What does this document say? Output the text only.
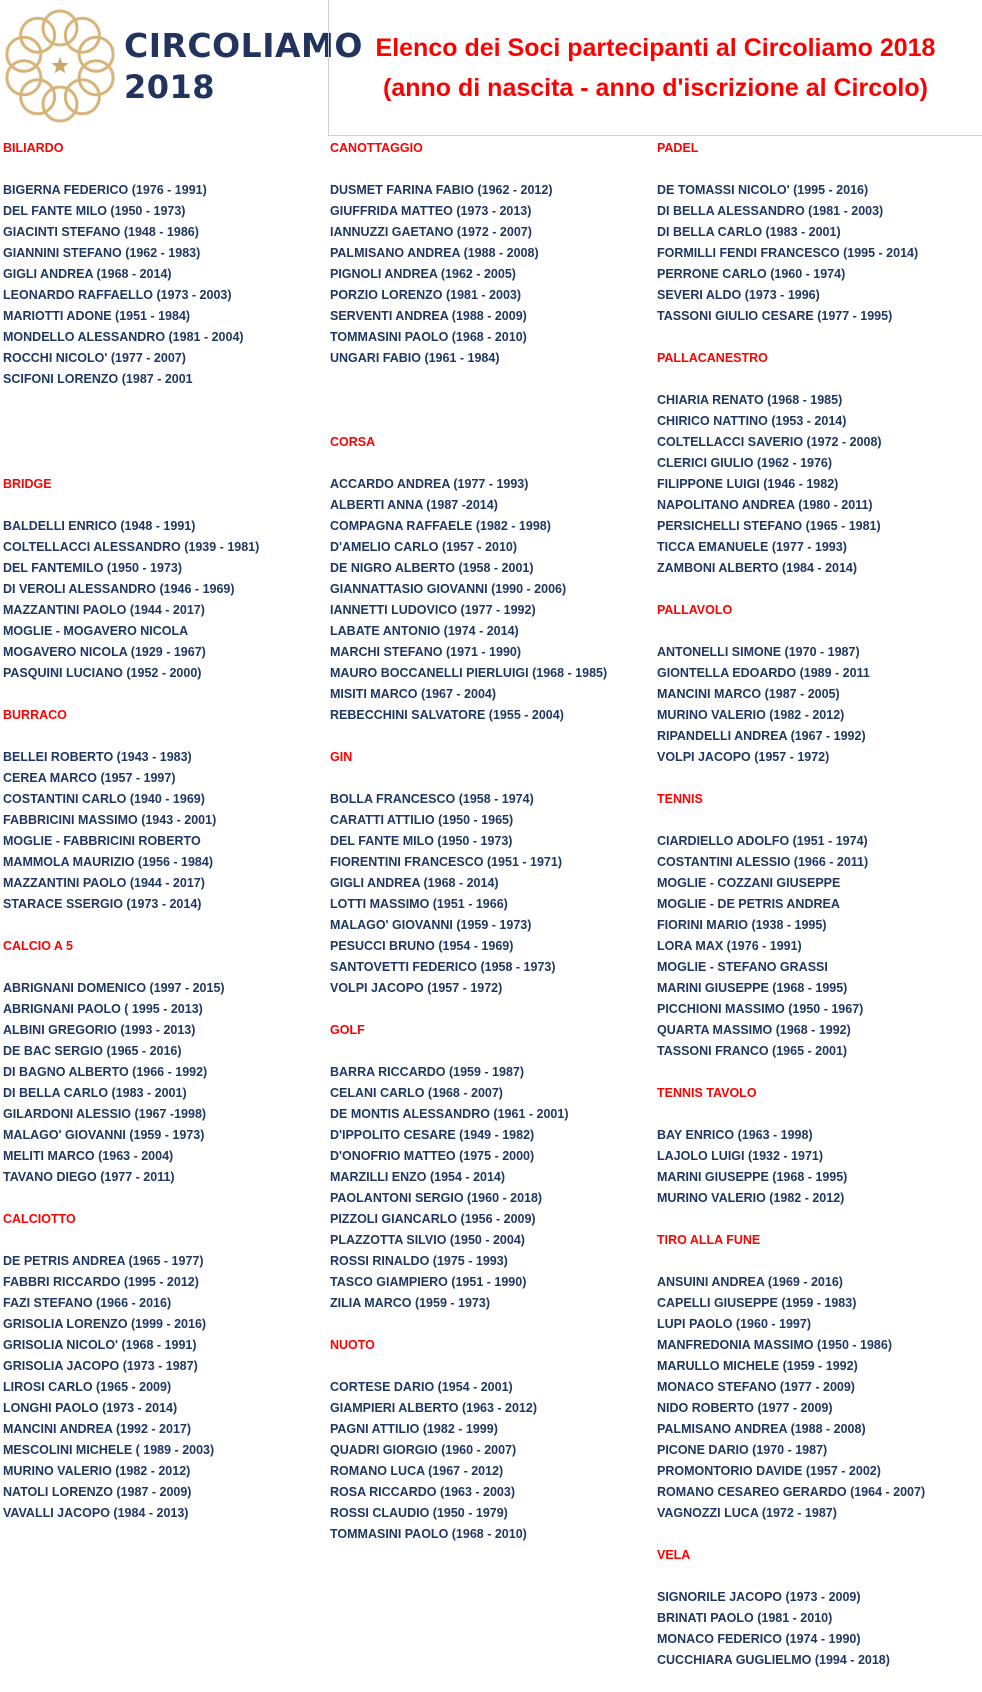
CIRCOLIAMO
2018
Elenco dei Soci partecipanti al Circoliamo 2018
(anno di nascita - anno d'iscrizione al Circolo)
BILIARDO
BIGERNA FEDERICO (1976 - 1991)
DEL FANTE MILO (1950 - 1973)
GIACINTI STEFANO (1948 - 1986)
GIANNINI STEFANO (1962 - 1983)
GIGLI ANDREA (1968 - 2014)
LEONARDO RAFFAELLO (1973 - 2003)
MARIOTTI ADONE (1951 - 1984)
MONDELLO ALESSANDRO (1981 - 2004)
ROCCHI NICOLO' (1977 - 2007)
SCIFONI LORENZO (1987 - 2001
BRIDGE
BALDELLI ENRICO (1948 - 1991)
COLTELLACCI ALESSANDRO (1939 - 1981)
DEL FANTEMILO (1950 - 1973)
DI VEROLI ALESSANDRO (1946 - 1969)
MAZZANTINI PAOLO (1944 - 2017)
MOGLIE - MOGAVERO NICOLA
MOGAVERO NICOLA (1929 - 1967)
PASQUINI LUCIANO (1952 - 2000)
BURRACO
BELLEI ROBERTO (1943 - 1983)
CEREA MARCO (1957 - 1997)
COSTANTINI CARLO (1940 - 1969)
FABBRICINI MASSIMO (1943 - 2001)
MOGLIE - FABBRICINI ROBERTO
MAMMOLA MAURIZIO (1956 - 1984)
MAZZANTINI PAOLO (1944 - 2017)
STARACE SSERGIO (1973 - 2014)
CALCIO A 5
ABRIGNANI DOMENICO (1997 - 2015)
ABRIGNANI PAOLO ( 1995 - 2013)
ALBINI GREGORIO (1993 - 2013)
DE BAC SERGIO (1965 - 2016)
DI BAGNO ALBERTO (1966 - 1992)
DI BELLA CARLO (1983 - 2001)
GILARDONI ALESSIO (1967 -1998)
MALAGO' GIOVANNI (1959 - 1973)
MELITI MARCO (1963 - 2004)
TAVANO DIEGO (1977 - 2011)
CALCIOTTO
DE PETRIS ANDREA (1965 - 1977)
FABBRI RICCARDO (1995 - 2012)
FAZI STEFANO (1966 - 2016)
GRISOLIA LORENZO (1999 - 2016)
GRISOLIA NICOLO' (1968 - 1991)
GRISOLIA JACOPO (1973 - 1987)
LIROSI CARLO (1965 - 2009)
LONGHI PAOLO (1973 - 2014)
MANCINI ANDREA (1992 - 2017)
MESCOLINI MICHELE ( 1989 - 2003)
MURINO VALERIO (1982 - 2012)
NATOLI LORENZO (1987 - 2009)
VAVALLI JACOPO (1984 - 2013)
CANOTTAGGIO
DUSMET FARINA FABIO (1962 - 2012)
GIUFFRIDA MATTEO (1973 - 2013)
IANNUZZI GAETANO (1972 - 2007)
PALMISANO ANDREA (1988 - 2008)
PIGNOLI ANDREA (1962 - 2005)
PORZIO LORENZO (1981 - 2003)
SERVENTI ANDREA (1988 - 2009)
TOMMASINI PAOLO (1968 - 2010)
UNGARI FABIO (1961 - 1984)
CORSA
ACCARDO ANDREA (1977 - 1993)
ALBERTI ANNA (1987 -2014)
COMPAGNA RAFFAELE (1982 - 1998)
D'AMELIO CARLO (1957 - 2010)
DE NIGRO ALBERTO (1958 - 2001)
GIANNATTASIO GIOVANNI (1990 - 2006)
IANNETTI LUDOVICO (1977 - 1992)
LABATE ANTONIO (1974 - 2014)
MARCHI STEFANO (1971 - 1990)
MAURO BOCCANELLI PIERLUIGI (1968 - 1985)
MISITI MARCO (1967 - 2004)
REBECCHINI SALVATORE (1955 - 2004)
GIN
BOLLA FRANCESCO (1958 - 1974)
CARATTI ATTILIO (1950 - 1965)
DEL FANTE MILO (1950 - 1973)
FIORENTINI FRANCESCO (1951 - 1971)
GIGLI ANDREA (1968 - 2014)
LOTTI MASSIMO (1951 - 1966)
MALAGO' GIOVANNI (1959 - 1973)
PESUCCI BRUNO (1954 - 1969)
SANTOVETTI FEDERICO (1958 - 1973)
VOLPI JACOPO (1957 - 1972)
GOLF
BARRA RICCARDO (1959 - 1987)
CELANI CARLO (1968 - 2007)
DE MONTIS ALESSANDRO (1961 - 2001)
D'IPPOLITO CESARE (1949 - 1982)
D'ONOFRIO MATTEO (1975 - 2000)
MARZILLI ENZO (1954 - 2014)
PAOLANTONI SERGIO (1960 - 2018)
PIZZOLI GIANCARLO (1956 - 2009)
PLAZZOTTA SILVIO (1950 - 2004)
ROSSI RINALDO (1975 - 1993)
TASCO GIAMPIERO (1951 - 1990)
ZILIA MARCO (1959 - 1973)
NUOTO
CORTESE DARIO (1954 - 2001)
GIAMPIERI ALBERTO (1963 - 2012)
PAGNI ATTILIO (1982 - 1999)
QUADRI GIORGIO (1960 - 2007)
ROMANO LUCA (1967 - 2012)
ROSA RICCARDO (1963 - 2003)
ROSSI CLAUDIO (1950 - 1979)
TOMMASINI PAOLO (1968 - 2010)
PADEL
DE TOMASSI NICOLO' (1995 - 2016)
DI BELLA ALESSANDRO (1981 - 2003)
DI BELLA CARLO (1983 - 2001)
FORMILLI FENDI FRANCESCO (1995 - 2014)
PERRONE CARLO (1960 - 1974)
SEVERI ALDO (1973 - 1996)
TASSONI GIULIO CESARE (1977 - 1995)
PALLACANESTRO
CHIARIA RENATO (1968 - 1985)
CHIRICO NATTINO (1953 - 2014)
COLTELLACCI SAVERIO (1972 - 2008)
CLERICI GIULIO (1962 - 1976)
FILIPPONE LUIGI (1946 - 1982)
NAPOLITANO ANDREA (1980 - 2011)
PERSICHELLI STEFANO (1965 - 1981)
TICCA EMANUELE (1977 - 1993)
ZAMBONI ALBERTO (1984 - 2014)
PALLAVOLO
ANTONELLI SIMONE (1970 - 1987)
GIONTELLA EDOARDO (1989 - 2011
MANCINI MARCO (1987 - 2005)
MURINO VALERIO (1982 - 2012)
RIPANDELLI ANDREA (1967 - 1992)
VOLPI JACOPO (1957 - 1972)
TENNIS
CIARDIELLO ADOLFO (1951 - 1974)
COSTANTINI ALESSIO (1966 - 2011)
MOGLIE - COZZANI GIUSEPPE
MOGLIE - DE PETRIS ANDREA
FIORINI MARIO (1938 - 1995)
LORA MAX (1976 - 1991)
MOGLIE - STEFANO GRASSI
MARINI GIUSEPPE (1968 - 1995)
PICCHIONI MASSIMO (1950 - 1967)
QUARTA MASSIMO (1968 - 1992)
TASSONI FRANCO (1965 - 2001)
TENNIS TAVOLO
BAY ENRICO (1963 - 1998)
LAJOLO LUIGI (1932 - 1971)
MARINI GIUSEPPE (1968 - 1995)
MURINO VALERIO (1982 - 2012)
TIRO ALLA FUNE
ANSUINI ANDREA (1969 - 2016)
CAPELLI GIUSEPPE (1959 - 1983)
LUPI PAOLO (1960 - 1997)
MANFREDONIA MASSIMO (1950 - 1986)
MARULLO MICHELE (1959 - 1992)
MONACO STEFANO (1977 - 2009)
NIDO ROBERTO (1977 - 2009)
PALMISANO ANDREA (1988 - 2008)
PICONE DARIO (1970 - 1987)
PROMONTORIO DAVIDE (1957 - 2002)
ROMANO CESAREO GERARDO (1964 - 2007)
VAGNOZZI LUCA (1972 - 1987)
VELA
SIGNORILE JACOPO (1973 - 2009)
BRINATI PAOLO (1981 - 2010)
MONACO FEDERICO (1974 - 1990)
CUCCHIARA GUGLIELMO (1994 - 2018)
